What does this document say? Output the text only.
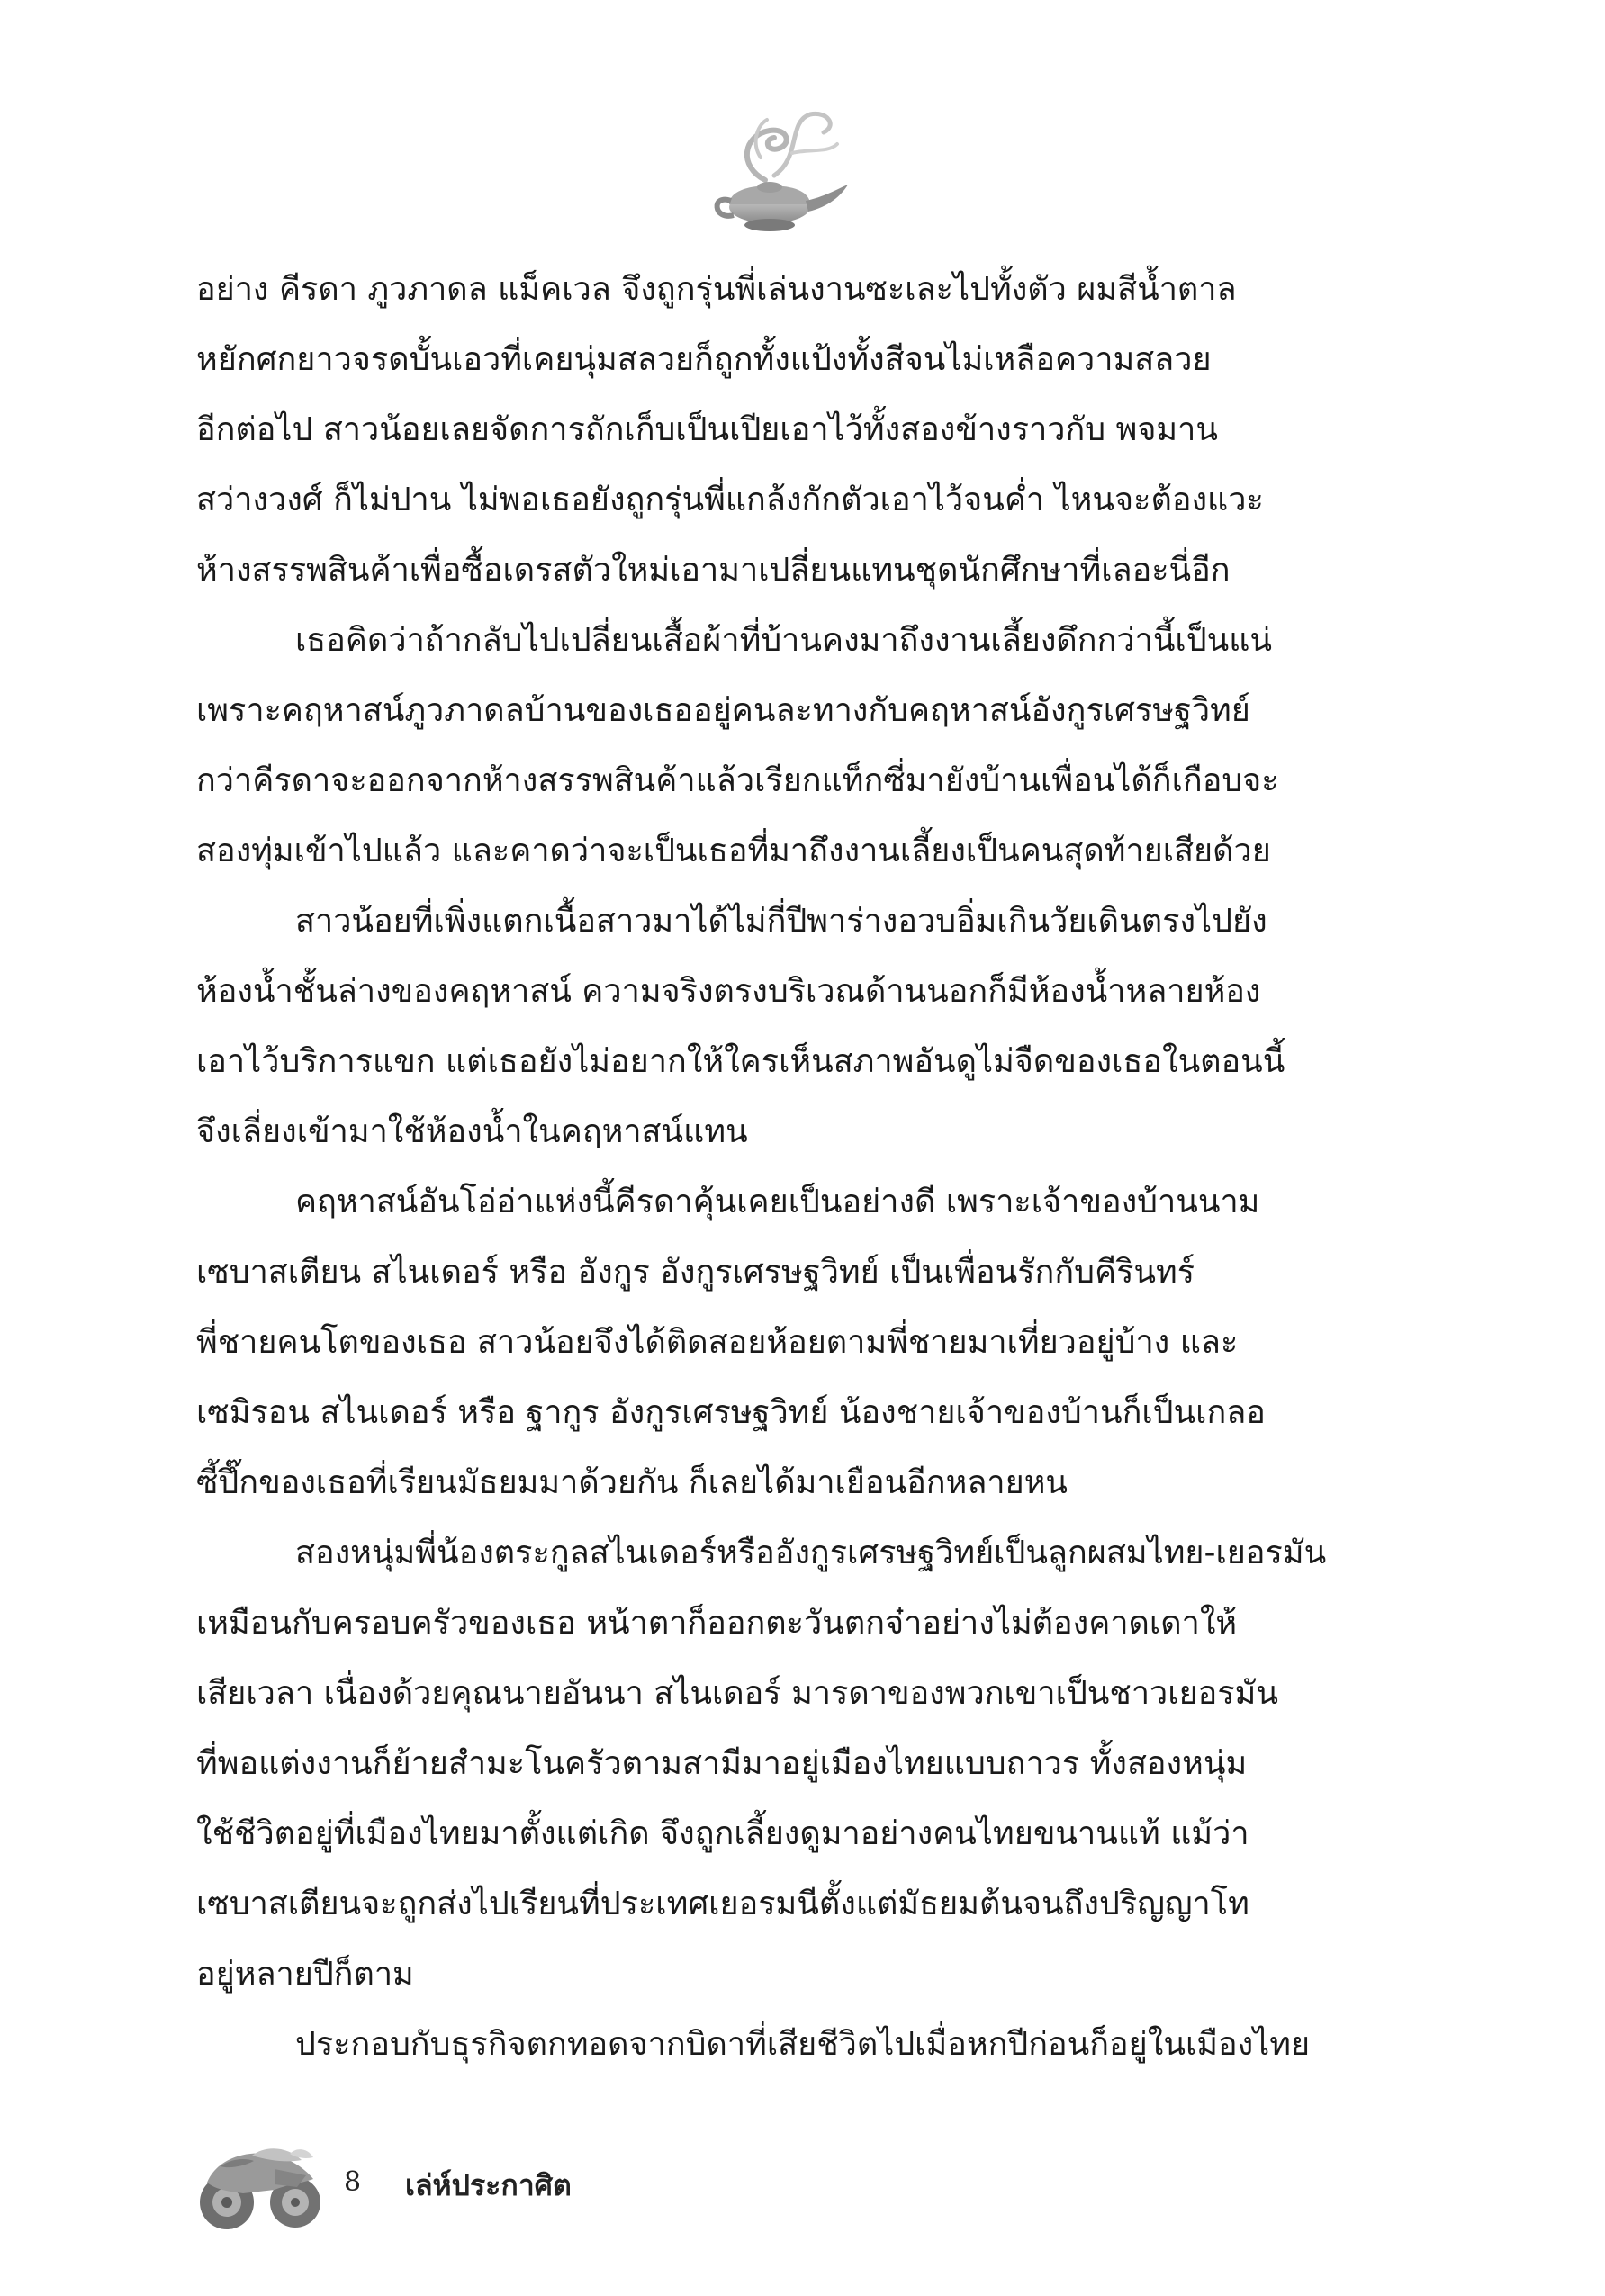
อย่าง คีรดา ภูวภาดล แม็คเวล จึงถูกรุ่นพี่เล่นงานซะเละไปทั้งตัว ผมสีน้ำตาล
หยักศกยาวจรดบั้นเอวที่เคยนุ่มสลวยก็ถูกทั้งแป้งทั้งสีจนไม่เหลือความสลวย
อีกต่อไป สาวน้อยเลยจัดการถักเก็บเป็นเปียเอาไว้ทั้งสองข้างราวกับ พจมาน
สว่างวงศ์ ก็ไม่ปาน ไม่พอเธอยังถูกรุ่นพี่แกล้งกักตัวเอาไว้จนค่ำ ไหนจะต้องแวะ
ห้างสรรพสินค้าเพื่อซื้อเดรสตัวใหม่เอามาเปลี่ยนแทนชุดนักศึกษาที่เลอะนี่อีก
เธอคิดว่าถ้ากลับไปเปลี่ยนเสื้อผ้าที่บ้านคงมาถึงงานเลี้ยงดึกกว่านี้เป็นแน่
เพราะคฤหาสน์ภูวภาดลบ้านของเธออยู่คนละทางกับคฤหาสน์อังกูรเศรษฐวิทย์
กว่าคีรดาจะออกจากห้างสรรพสินค้าแล้วเรียกแท็กซี่มายังบ้านเพื่อนได้ก็เกือบจะ
สองทุ่มเข้าไปแล้ว และคาดว่าจะเป็นเธอที่มาถึงงานเลี้ยงเป็นคนสุดท้ายเสียด้วย
สาวน้อยที่เพิ่งแตกเนื้อสาวมาได้ไม่กี่ปีพาร่างอวบอิ่มเกินวัยเดินตรงไปยัง
ห้องน้ำชั้นล่างของคฤหาสน์ ความจริงตรงบริเวณด้านนอกก็มีห้องน้ำหลายห้อง
เอาไว้บริการแขก แต่เธอยังไม่อยากให้ใครเห็นสภาพอันดูไม่จืดของเธอในตอนนี้
จึงเลี่ยงเข้ามาใช้ห้องน้ำในคฤหาสน์แทน
คฤหาสน์อันโอ่อ่าแห่งนี้คีรดาคุ้นเคยเป็นอย่างดี เพราะเจ้าของบ้านนาม
เซบาสเตียน สไนเดอร์ หรือ อังกูร อังกูรเศรษฐวิทย์ เป็นเพื่อนรักกับคีรินทร์
พี่ชายคนโตของเธอ สาวน้อยจึงได้ติดสอยห้อยตามพี่ชายมาเที่ยวอยู่บ้าง และ
เซมิรอน สไนเดอร์ หรือ ฐากูร อังกูรเศรษฐวิทย์ น้องชายเจ้าของบ้านก็เป็นเกลอ
ซี้ปึ๊กของเธอที่เรียนมัธยมมาด้วยกัน ก็เลยได้มาเยือนอีกหลายหน
สองหนุ่มพี่น้องตระกูลสไนเดอร์หรืออังกูรเศรษฐวิทย์เป็นลูกผสมไทย-เยอรมัน
เหมือนกับครอบครัวของเธอ หน้าตาก็ออกตะวันตกจ๋าอย่างไม่ต้องคาดเดาให้
เสียเวลา เนื่องด้วยคุณนายอันนา สไนเดอร์ มารดาของพวกเขาเป็นชาวเยอรมัน
ที่พอแต่งงานก็ย้ายสำมะโนครัวตามสามีมาอยู่เมืองไทยแบบถาวร ทั้งสองหนุ่ม
ใช้ชีวิตอยู่ที่เมืองไทยมาตั้งแต่เกิด จึงถูกเลี้ยงดูมาอย่างคนไทยขนานแท้ แม้ว่า
เซบาสเตียนจะถูกส่งไปเรียนที่ประเทศเยอรมนีตั้งแต่มัธยมต้นจนถึงปริญญาโท
อยู่หลายปีก็ตาม
ประกอบกับธุรกิจตกทอดจากบิดาที่เสียชีวิตไปเมื่อหกปีก่อนก็อยู่ในเมืองไทย
8 เล่ห์ประกาศิต
